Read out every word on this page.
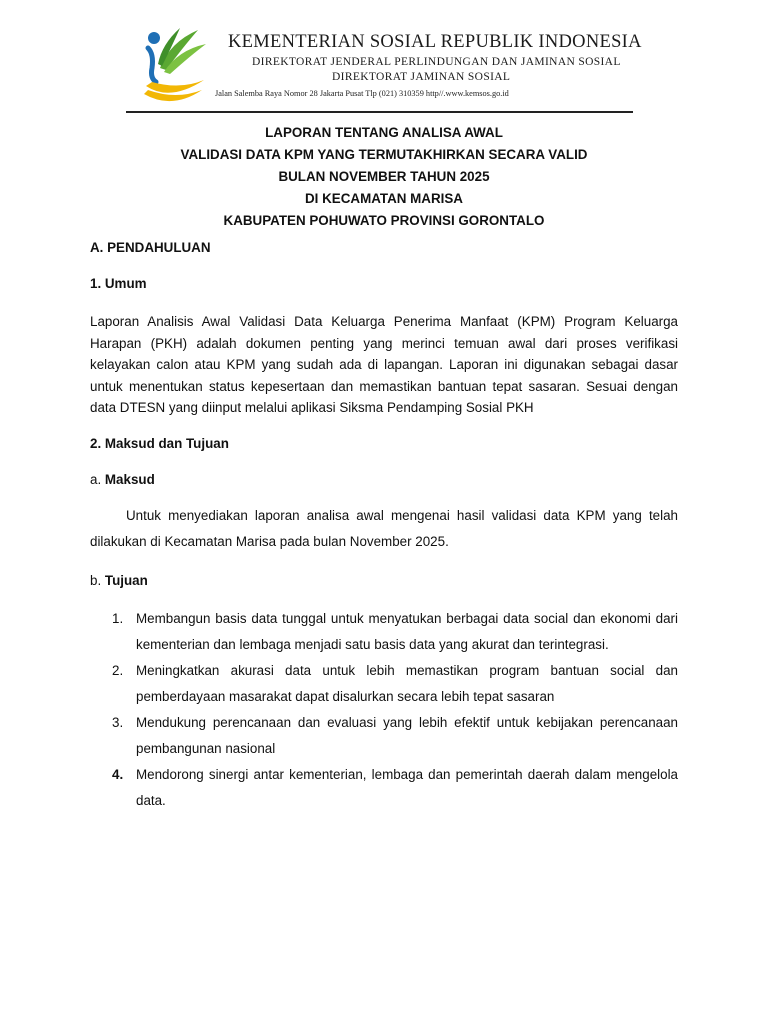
KEMENTERIAN SOSIAL REPUBLIK INDONESIA
DIREKTORAT JENDERAL PERLINDUNGAN DAN JAMINAN SOSIAL
DIREKTORAT JAMINAN SOSIAL
Jalan Salemba Raya Nomor 28 Jakarta Pusat Tlp (021) 310359 http//.www.kemsos.go.id
LAPORAN TENTANG ANALISA AWAL
VALIDASI DATA KPM YANG TERMUTAKHIRKAN SECARA VALID
BULAN NOVEMBER TAHUN 2025
DI KECAMATAN MARISA
KABUPATEN POHUWATO PROVINSI GORONTALO

A. PENDAHULUAN

1. Umum

Laporan Analisis Awal Validasi Data Keluarga Penerima Manfaat (KPM) Program Keluarga Harapan (PKH) adalah dokumen penting yang merinci temuan awal dari proses verifikasi kelayakan calon atau KPM yang sudah ada di lapangan. Laporan ini digunakan sebagai dasar untuk menentukan status kepesertaan dan memastikan bantuan tepat sasaran. Sesuai dengan data DTESN yang diinput melalui aplikasi Siksma Pendamping Sosial PKH

2. Maksud dan Tujuan

a. Maksud

Untuk menyediakan laporan analisa awal mengenai hasil validasi data KPM yang telah dilakukan di Kecamatan Marisa pada bulan November 2025.

b. Tujuan

1. Membangun basis data tunggal untuk menyatukan berbagai data social dan ekonomi dari kementerian dan lembaga menjadi satu basis data yang akurat dan terintegrasi.
2. Meningkatkan akurasi data untuk lebih memastikan program bantuan social dan pemberdayaan masarakat dapat disalurkan secara lebih tepat sasaran
3. Mendukung perencanaan dan evaluasi yang lebih efektif untuk kebijakan perencanaan pembangunan nasional
4. Mendorong sinergi antar kementerian, lembaga dan pemerintah daerah dalam mengelola data.
